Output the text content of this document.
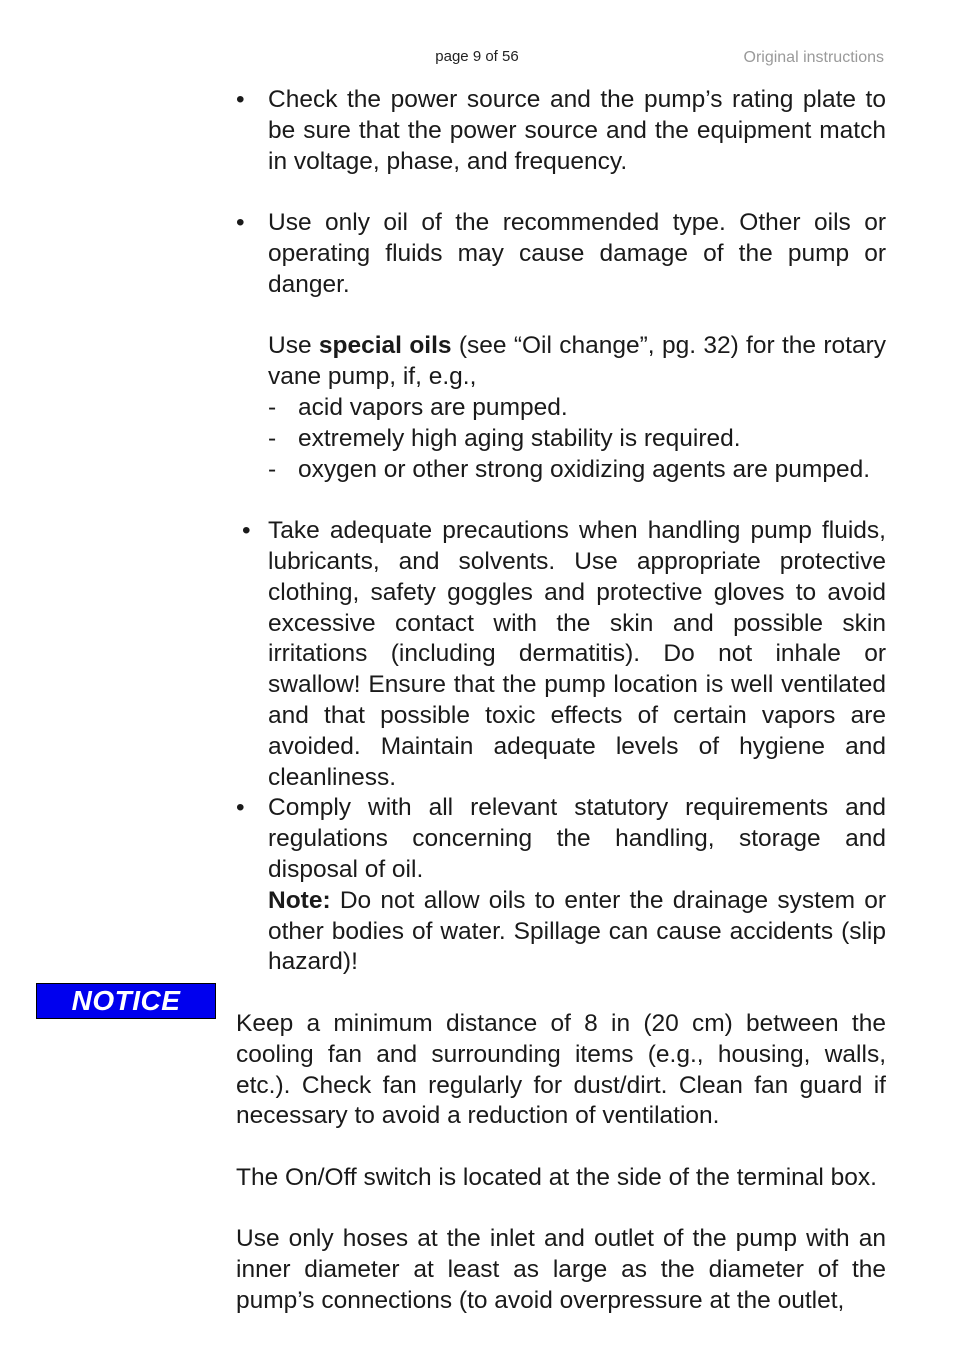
page 9 of 56	Original instructions
NOTICE
• Check the power source and the pump’s rating plate to be sure that the power source and the equipment match in voltage, phase, and frequency.

• Use only oil of the recommended type. Other oils or operating fluids may cause damage of the pump or danger.

Use special oils (see “Oil change”, pg. 32) for the rotary vane pump, if, e.g.,

- acid vapors are pumped.
- extremely high aging stability is required.
- oxygen or other strong oxidizing agents are pumped.
• Take adequate precautions when handling pump fluids, lubricants, and solvents. Use appropriate protective clothing, safety goggles and protective gloves to avoid excessive contact with the skin and possible skin irritations (including dermatitis). Do not inhale or swallow! Ensure that the pump location is well ventilated and that possible toxic effects of certain vapors are avoided. Maintain adequate levels of hygiene and cleanliness.

• Comply with all relevant statutory requirements and regulations concerning the handling, storage and disposal of oil.

Note: Do not allow oils to enter the drainage system or other bodies of water. Spillage can cause accidents (slip hazard)!

Keep a minimum distance of 8 in (20 cm) between the cooling fan and surrounding items (e.g., housing, walls, etc.). Check fan regularly for dust/dirt. Clean fan guard if necessary to avoid a reduction of ventilation.

The On/Off switch is located at the side of the terminal box.

Use only hoses at the inlet and outlet of the pump with an inner diameter at least as large as the diameter of the pump’s connections (to avoid overpressure at the outlet,
